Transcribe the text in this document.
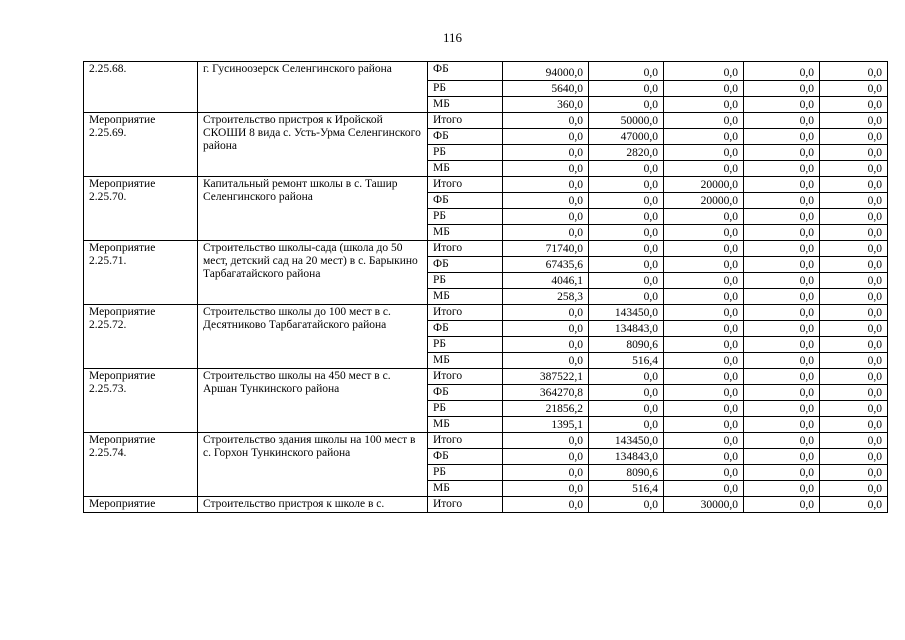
116
2.25.68.	г. Гусиноозерск Селенгинского района	ФБ	94000,0	0,0	0,0	0,0	0,0
		РБ	5640,0	0,0	0,0	0,0	0,0
		МБ	360,0	0,0	0,0	0,0	0,0
Мероприятие 2.25.69.	Строительство пристроя к Иройской СКОШИ 8 вида с. Усть-Урма Селенгинского района	Итого	0,0	50000,0	0,0	0,0	0,0
		ФБ	0,0	47000,0	0,0	0,0	0,0
		РБ	0,0	2820,0	0,0	0,0	0,0
		МБ	0,0	0,0	0,0	0,0	0,0
Мероприятие 2.25.70.	Капитальный ремонт школы в с. Ташир Селенгинского района	Итого	0,0	0,0	20000,0	0,0	0,0
		ФБ	0,0	0,0	20000,0	0,0	0,0
		РБ	0,0	0,0	0,0	0,0	0,0
		МБ	0,0	0,0	0,0	0,0	0,0
Мероприятие 2.25.71.	Строительство школы-сада (школа до 50 мест, детский сад на 20 мест) в с. Барыкино Тарбагатайского района	Итого	71740,0	0,0	0,0	0,0	0,0
		ФБ	67435,6	0,0	0,0	0,0	0,0
		РБ	4046,1	0,0	0,0	0,0	0,0
		МБ	258,3	0,0	0,0	0,0	0,0
Мероприятие 2.25.72.	Строительство школы до 100 мест в с. Десятниково Тарбагатайского района	Итого	0,0	143450,0	0,0	0,0	0,0
		ФБ	0,0	134843,0	0,0	0,0	0,0
		РБ	0,0	8090,6	0,0	0,0	0,0
		МБ	0,0	516,4	0,0	0,0	0,0
Мероприятие 2.25.73.	Строительство школы на 450 мест в с. Аршан Тункинского района	Итого	387522,1	0,0	0,0	0,0	0,0
		ФБ	364270,8	0,0	0,0	0,0	0,0
		РБ	21856,2	0,0	0,0	0,0	0,0
		МБ	1395,1	0,0	0,0	0,0	0,0
Мероприятие 2.25.74.	Строительство здания школы на 100 мест в с. Горхон Тункинского района	Итого	0,0	143450,0	0,0	0,0	0,0
		ФБ	0,0	134843,0	0,0	0,0	0,0
		РБ	0,0	8090,6	0,0	0,0	0,0
		МБ	0,0	516,4	0,0	0,0	0,0
Мероприятие	Строительство пристроя к школе в с.	Итого	0,0	0,0	30000,0	0,0	0,0
